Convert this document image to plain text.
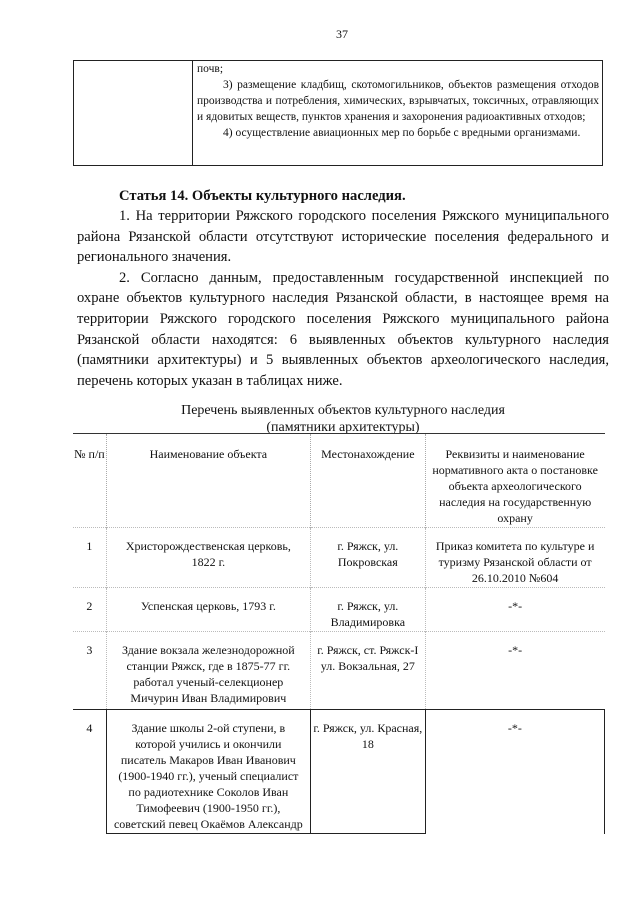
37

почв;

3) размещение кладбищ, скотомогильников, объектов размещения отходов производства и потребления, химических, взрывчатых, токсичных, отравляющих и ядовитых веществ, пунктов хранения и захоронения радиоактивных отходов;

4) осуществление авиационных мер по борьбе с вредными организмами.

Статья 14. Объекты культурного наследия.

1. На территории Ряжского городского поселения Ряжского муниципального района Рязанской области отсутствуют исторические поселения федерального и регионального значения.

2. Согласно данным, предоставленным государственной инспекцией по охране объектов культурного наследия Рязанской области, в настоящее время на территории Ряжского городского поселения Ряжского муниципального района Рязанской области находятся: 6 выявленных объектов культурного наследия (памятники архитектуры) и 5 выявленных объектов археологического наследия, перечень которых указан в таблицах ниже.

Перечень выявленных объектов культурного наследия
(памятники архитектуры)
№ п/п	Наименование объекта	Местонахождение	Реквизиты и наименование нормативного акта о постановке объекта археологического наследия на государственную охрану
1	Христорождественская церковь, 1822 г.	г. Ряжск, ул. Покровская	Приказ комитета по культуре и туризму Рязанской области от 26.10.2010 №604
2	Успенская церковь, 1793 г.	г. Ряжск, ул. Владимировка	-*-
3	Здание вокзала железнодорожной станции Ряжск, где в 1875-77 гг. работал ученый-селекционер Мичурин Иван Владимирович	г. Ряжск, ст. Ряжск-I ул. Вокзальная, 27	-*-
4	Здание школы 2-ой ступени, в которой учились и окончили писатель Макаров Иван Иванович (1900-1940 гг.), ученый специалист по радиотехнике Соколов Иван Тимофеевич (1900-1950 гг.), советский певец Окаёмов Александр	г. Ряжск, ул. Красная, 18	-*-
